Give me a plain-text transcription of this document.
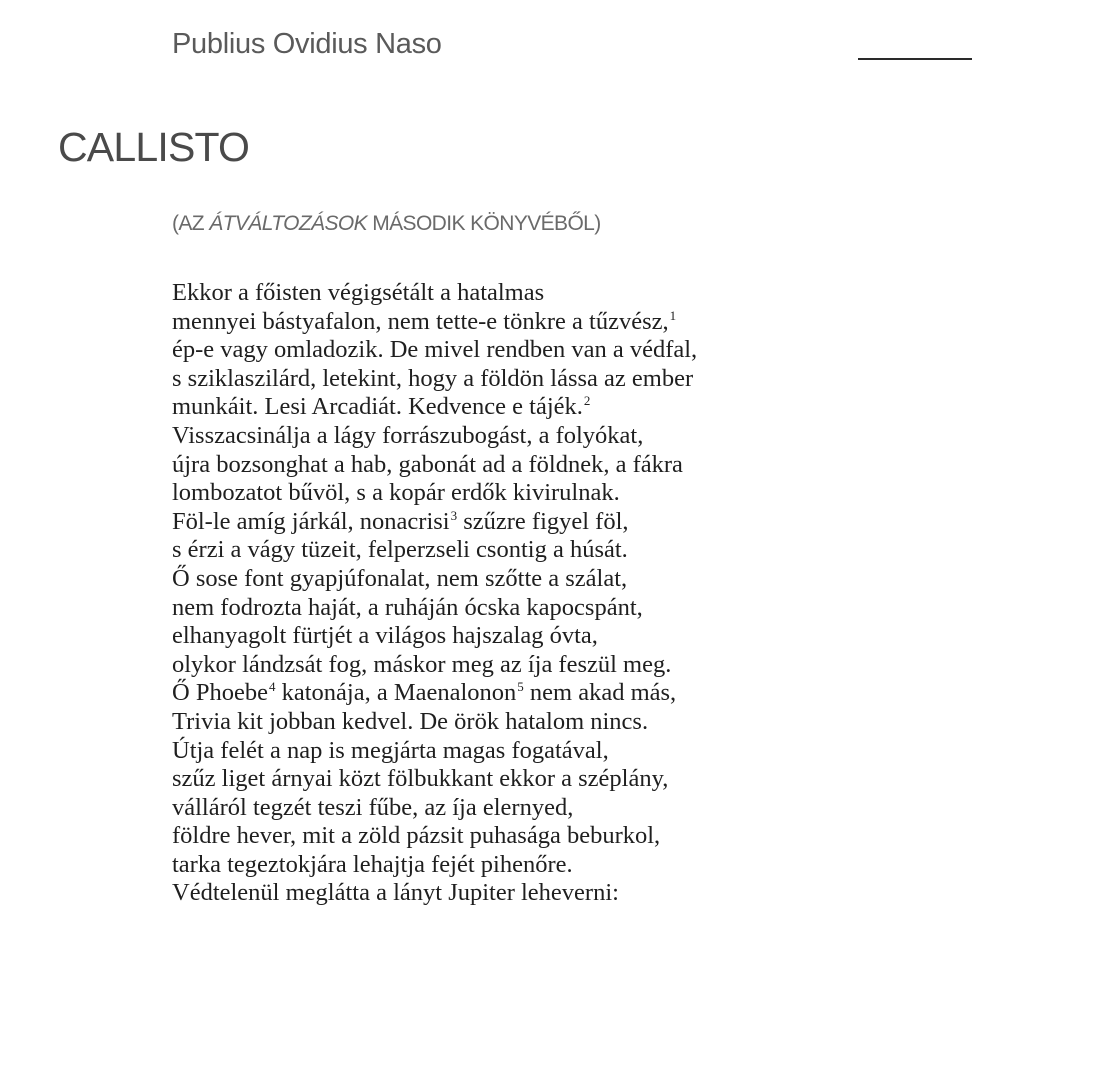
Publius Ovidius Naso
CALLISTO
(AZ ÁTVÁLTOZÁSOK MÁSODIK KÖNYVÉBŐL)
Ekkor a főisten végigsétált a hatalmas
mennyei bástyafalon, nem tette-e tönkre a tűzvész,$^1$
ép-e vagy omladozik. De mivel rendben van a védfal,
s sziklaszilárd, letekint, hogy a földön lássa az ember
munkáit. Lesi Arcadiát. Kedvence e tájék.$^2$
Visszacsinálja a lágy forrászubogást, a folyókat,
újra bozsonghat a hab, gabonát ad a földnek, a fákra
lombozatot bűvöl, s a kopár erdők kivirulnak.
Föl-le amíg járkál, nonacrisi$^3$ szűzre figyel föl,
s érzi a vágy tüzeit, felperzseli csontig a húsát.
Ő sose font gyapjúfonalat, nem szőtte a szálat,
nem fodrozta haját, a ruháján ócska kapocspánt,
elhanyagolt fürtjét a világos hajszalag óvta,
olykor lándzsát fog, máskor meg az íja feszül meg.
Ő Phoebe$^4$ katonája, a Maenalonon$^5$ nem akad más,
Trivia kit jobban kedvel. De örök hatalom nincs.
Útja felét a nap is megjárta magas fogatával,
szűz liget árnyai közt fölbukkant ekkor a széplány,
válláról tegzét teszi fűbe, az íja elernyed,
földre hever, mit a zöld pázsit puhasága beburkol,
tarka tegeztokjára lehajtja fejét pihenőre.
Védtelenül meglátta a lányt Jupiter leheverni:
